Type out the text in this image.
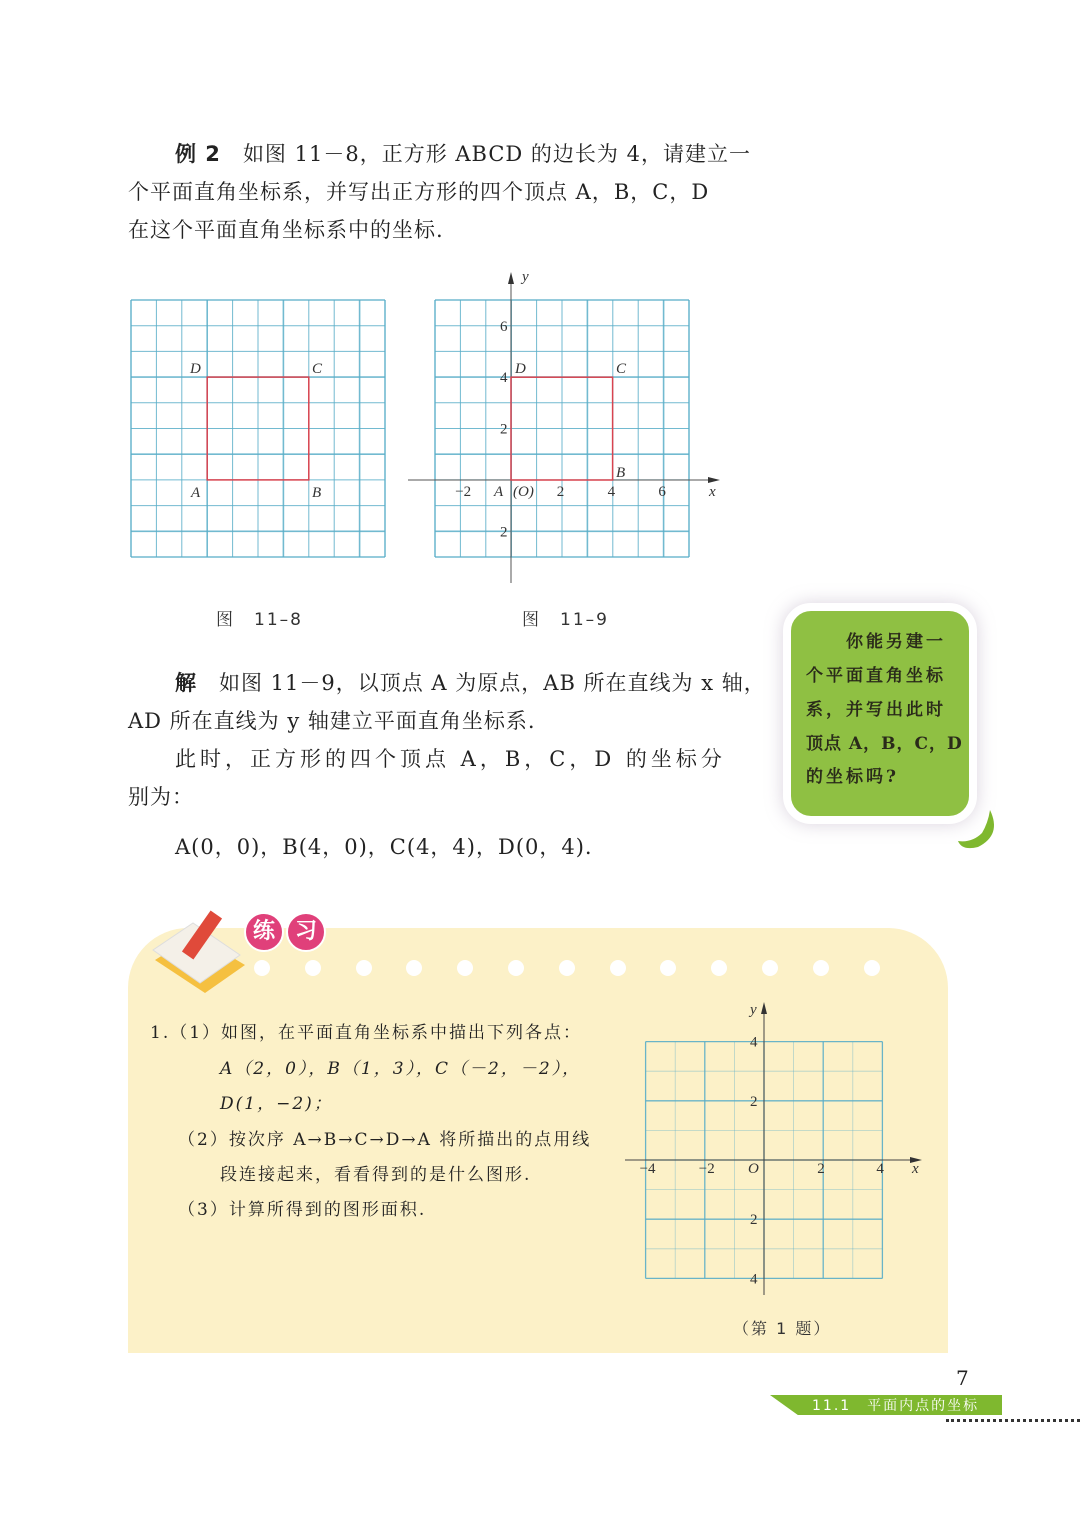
例 2　 如图 11－8，正方形 ABCD 的边长为 4，请建立一
个平面直角坐标系，并写出正方形的四个顶点 A，B，C，D
在这个平面直角坐标系中的坐标.
D	C
A	B	−2	2	4	6
6
4
2
2
A (O)
D	C
B
x
y
图　11–8	图　11–9
解　 如图 11－9，以顶点 A 为原点，AB 所在直线为 x 轴，
AD 所在直线为 y 轴建立平面直角坐标系.
此时，正方形的四个顶点 A，B，C，D 的坐标分
别为：
A(0，0)，B(4，0)，C(4，4)，D(0，4).
你能另建一
个平面直角坐标
系，并写出此时
顶点 A，B，C，D
的坐标吗?
练 习
1.（1）如图，在平面直角坐标系中描出下列各点：
A（2，0），B（1，3），C（－2，－2），
D(1，−2)；
（2）按次序 A→B→C→D→A 将所描出的点用线
段连接起来，看看得到的是什么图形.
（3）计算所得到的图形面积.
−4	−2	2	4
4
2
2
4
O	x
y
（第 1 题）
7
11.1　平面内点的坐标
